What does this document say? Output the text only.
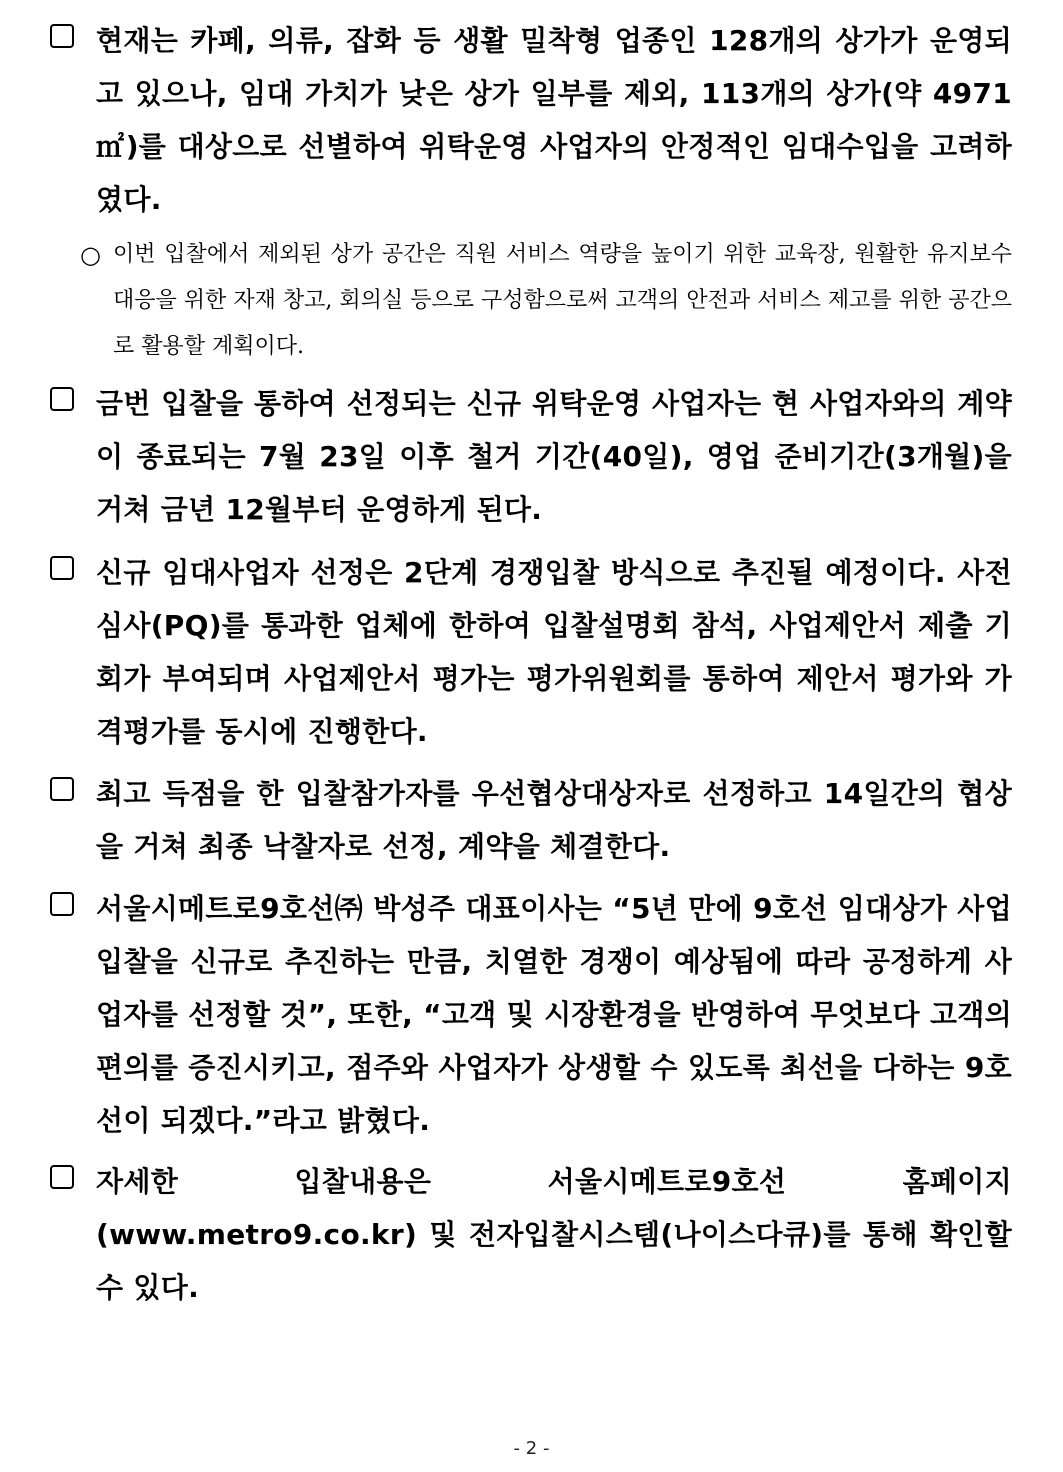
현재는 카페, 의류, 잡화 등 생활 밀착형 업종인 128개의 상가가 운영되고 있으나, 임대 가치가 낮은 상가 일부를 제외, 113개의 상가(약 4971㎡)를 대상으로 선별하여 위탁운영 사업자의 안정적인 임대수입을 고려하였다.
○ 이번 입찰에서 제외된 상가 공간은 직원 서비스 역량을 높이기 위한 교육장, 원활한 유지보수 대응을 위한 자재 창고, 회의실 등으로 구성함으로써 고객의 안전과 서비스 제고를 위한 공간으로 활용할 계획이다.
금번 입찰을 통하여 선정되는 신규 위탁운영 사업자는 현 사업자와의 계약이 종료되는 7월 23일 이후 철거 기간(40일), 영업 준비기간(3개월)을 거쳐 금년 12월부터 운영하게 된다.
신규 임대사업자 선정은 2단계 경쟁입찰 방식으로 추진될 예정이다. 사전심사(PQ)를 통과한 업체에 한하여 입찰설명회 참석, 사업제안서 제출 기회가 부여되며 사업제안서 평가는 평가위원회를 통하여 제안서 평가와 가격평가를 동시에 진행한다.
최고 득점을 한 입찰참가자를 우선협상대상자로 선정하고 14일간의 협상을 거쳐 최종 낙찰자로 선정, 계약을 체결한다.
서울시메트로9호선㈜ 박성주 대표이사는 “5년 만에 9호선 임대상가 사업 입찰을 신규로 추진하는 만큼, 치열한 경쟁이 예상됨에 따라 공정하게 사업자를 선정할 것”, 또한, “고객 및 시장환경을 반영하여 무엇보다 고객의 편의를 증진시키고, 점주와 사업자가 상생할 수 있도록 최선을 다하는 9호선이 되겠다.”라고 밝혔다.
자세한 입찰내용은 서울시메트로9호선 홈페이지(www.metro9.co.kr) 및 전자입찰시스템(나이스다큐)를 통해 확인할 수 있다.
- 2 -
